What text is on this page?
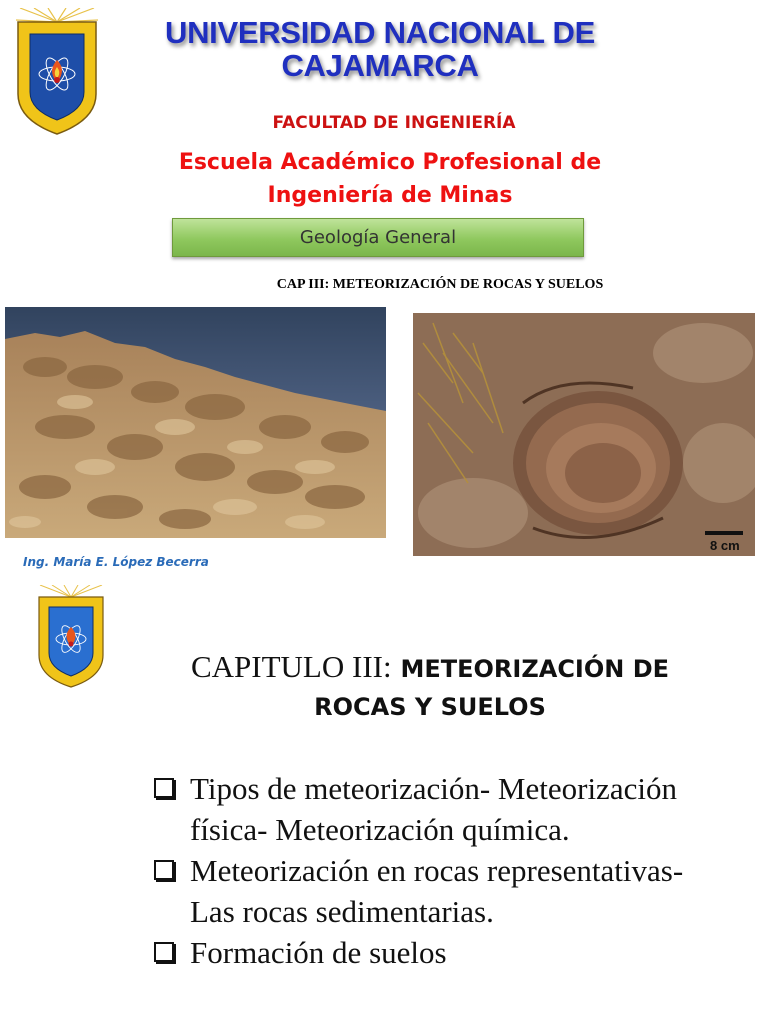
UNIVERSIDAD NACIONAL DE
CAJAMARCA
FACULTAD DE INGENIERÍA
Escuela Académico Profesional de
Ingeniería de Minas
Geología General
CAP III: METEORIZACIÓN DE ROCAS Y SUELOS
8 cm
Ing. María E. López Becerra
CAPITULO III: METEORIZACIÓN DE
ROCAS Y SUELOS
Tipos de meteorización- Meteorización
física- Meteorización química.
Meteorización en rocas representativas-
Las rocas sedimentarias.
Formación de suelos
